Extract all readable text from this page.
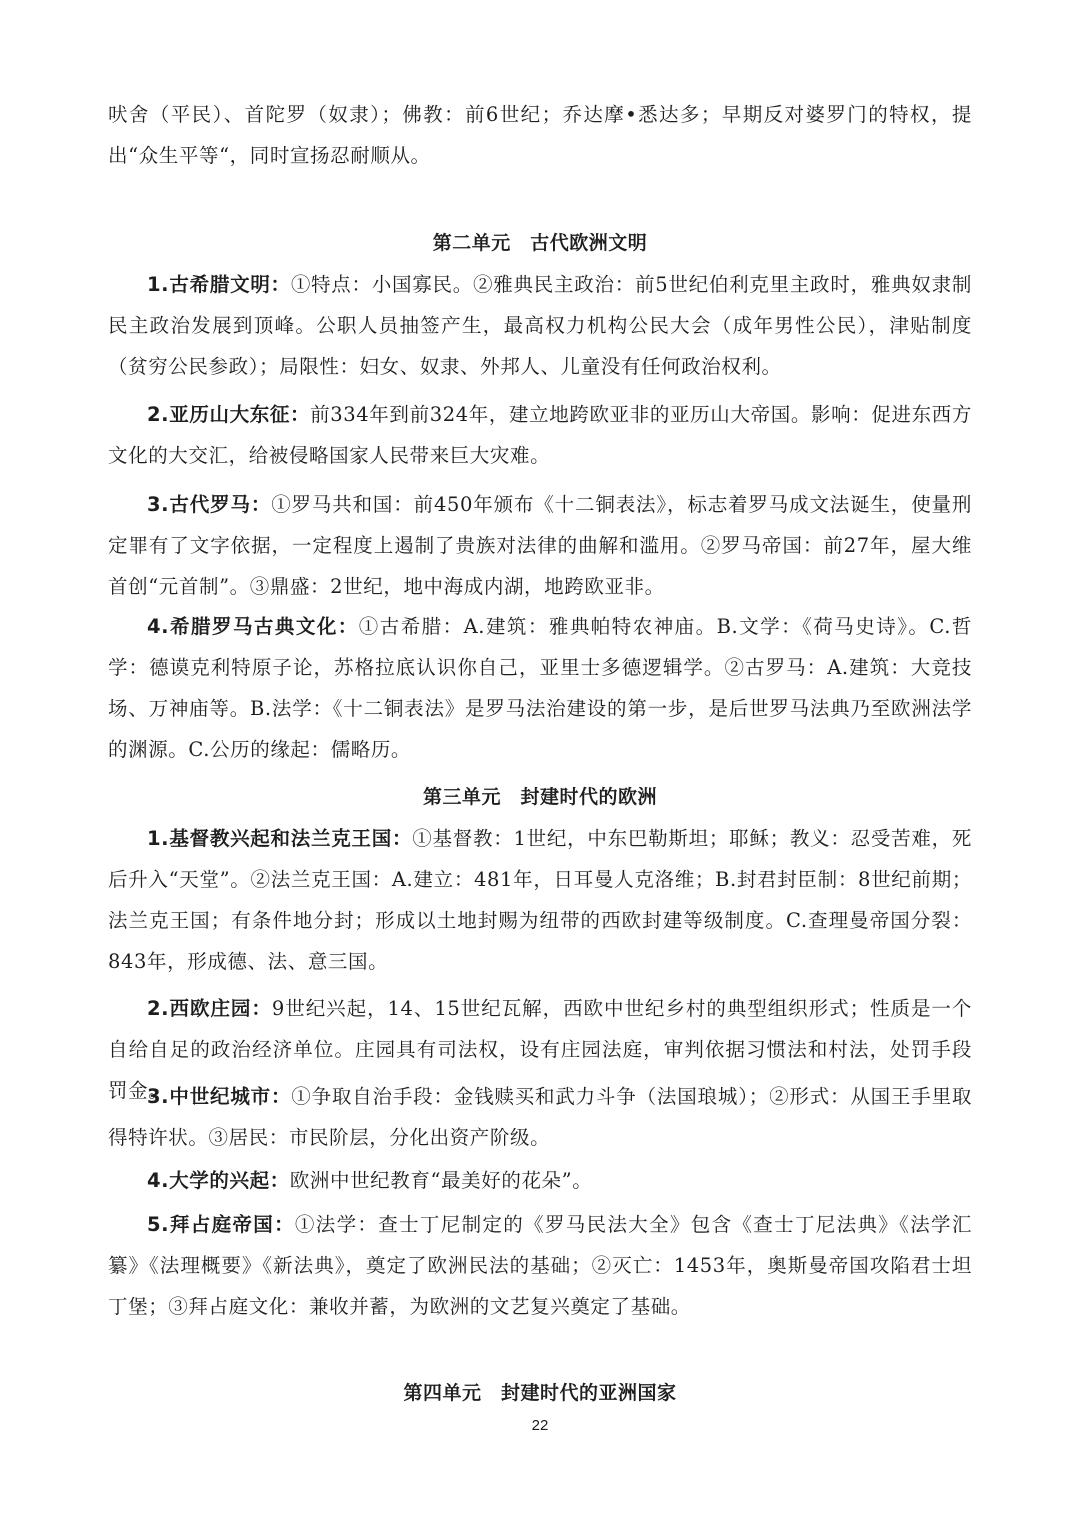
吠舍（平民）、首陀罗（奴隶）；佛教：前6世纪；乔达摩•悉达多；早期反对婆罗门的特权，提出“众生平等“，同时宣扬忍耐顺从。

第二单元　古代欧洲文明

1.古希腊文明：①特点：小国寡民。②雅典民主政治：前5世纪伯利克里主政时，雅典奴隶制民主政治发展到顶峰。公职人员抽签产生，最高权力机构公民大会（成年男性公民），津贴制度（贫穷公民参政）；局限性：妇女、奴隶、外邦人、儿童没有任何政治权利。

2.亚历山大东征：前334年到前324年，建立地跨欧亚非的亚历山大帝国。影响：促进东西方文化的大交汇，给被侵略国家人民带来巨大灾难。

3.古代罗马：①罗马共和国：前450年颁布《十二铜表法》，标志着罗马成文法诞生，使量刑定罪有了文字依据，一定程度上遏制了贵族对法律的曲解和滥用。②罗马帝国：前27年，屋大维首创“元首制”。③鼎盛：2世纪，地中海成内湖，地跨欧亚非。

4.希腊罗马古典文化：①古希腊：A.建筑：雅典帕特农神庙。B.文学：《荷马史诗》。C.哲学：德谟克利特原子论，苏格拉底认识你自己，亚里士多德逻辑学。②古罗马：A.建筑：大竞技场、万神庙等。B.法学：《十二铜表法》是罗马法治建设的第一步，是后世罗马法典乃至欧洲法学的渊源。C.公历的缘起：儒略历。

第三单元　封建时代的欧洲

1.基督教兴起和法兰克王国：①基督教：1世纪，中东巴勒斯坦；耶稣；教义：忍受苦难，死后升入“天堂”。②法兰克王国：A.建立：481年，日耳曼人克洛维；B.封君封臣制：8世纪前期；法兰克王国；有条件地分封；形成以土地封赐为纽带的西欧封建等级制度。C.查理曼帝国分裂：843年，形成德、法、意三国。

2.西欧庄园：9世纪兴起，14、15世纪瓦解，西欧中世纪乡村的典型组织形式；性质是一个自给自足的政治经济单位。庄园具有司法权，设有庄园法庭，审判依据习惯法和村法，处罚手段罚金。

3.中世纪城市：①争取自治手段：金钱赎买和武力斗争（法国琅城）；②形式：从国王手里取得特许状。③居民：市民阶层，分化出资产阶级。

4.大学的兴起：欧洲中世纪教育“最美好的花朵”。

5.拜占庭帝国：①法学：查士丁尼制定的《罗马民法大全》包含《查士丁尼法典》《法学汇纂》《法理概要》《新法典》，奠定了欧洲民法的基础；②灭亡：1453年，奥斯曼帝国攻陷君士坦丁堡；③拜占庭文化：兼收并蓄，为欧洲的文艺复兴奠定了基础。

第四单元　封建时代的亚洲国家
22
